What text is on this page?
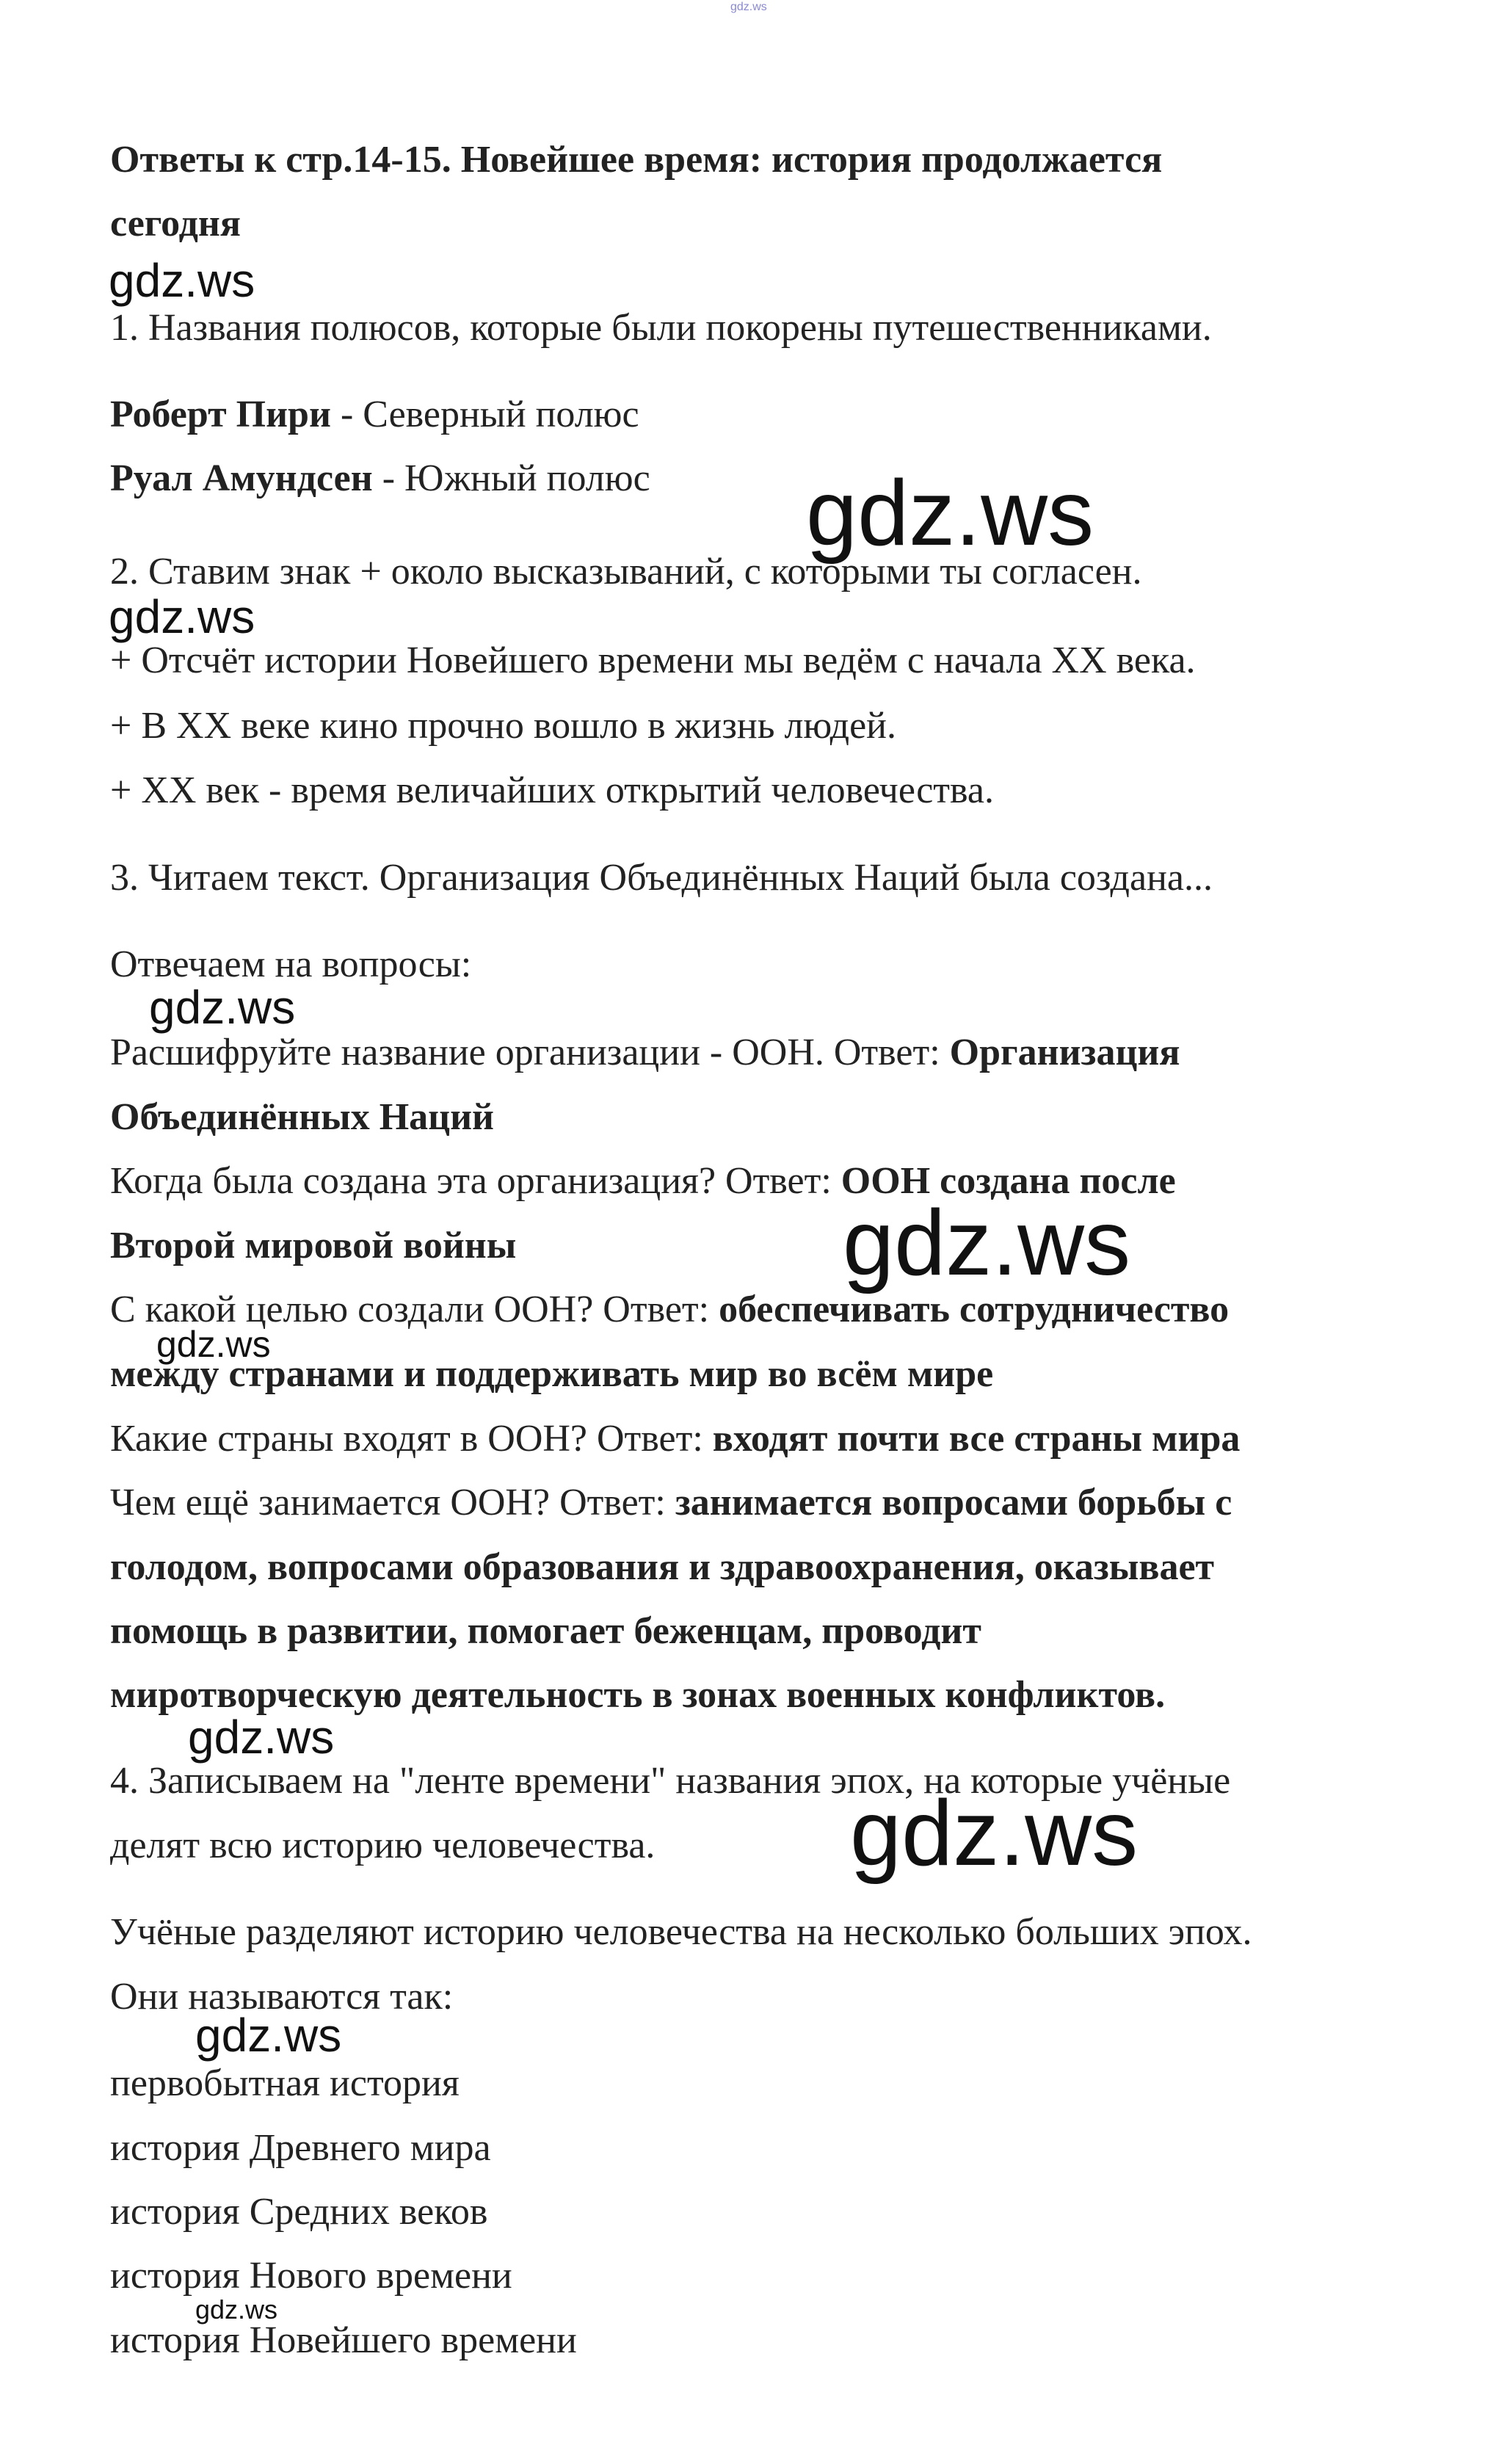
gdz.ws
Ответы к стр.14-15. Новейшее время: история продолжается
сегодня
gdz.ws
1. Названия полюсов, которые были покорены путешественниками.
Роберт Пири - Северный полюс
Руал Амундсен - Южный полюс gdz.ws
2. Ставим знак + около высказываний, с которыми ты согласен.
gdz.ws
+ Отсчёт истории Новейшего времени мы ведём с начала XX века.
+ В XX веке кино прочно вошло в жизнь людей.
+ XX век - время величайших открытий человечества.
3. Читаем текст. Организация Объединённых Наций была создана...
Отвечаем на вопросы:
gdz.ws
Расшифруйте название организации - ООН. Ответ: Организация
Объединённых Наций
Когда была создана эта организация? Ответ: ООН создана после
Второй мировой войны	gdz.ws
С какой целью создали ООН? Ответ: обеспечивать сотрудничество
gdz.ws
между странами и поддерживать мир во всём мире
Какие страны входят в ООН? Ответ: входят почти все страны мира
Чем ещё занимается ООН? Ответ: занимается вопросами борьбы с
голодом, вопросами образования и здравоохранения, оказывает
помощь в развитии, помогает беженцам, проводит
миротворческую деятельность в зонах военных конфликтов.
gdz.ws
4. Записываем на "ленте времени" названия эпох, на которые учёные
делят всю историю человечества. gdz.ws
Учёные разделяют историю человечества на несколько больших эпох.
Они называются так:
gdz.ws
первобытная история
история Древнего мира
история Средних веков
история Нового времени
gdz.ws
история Новейшего времени
